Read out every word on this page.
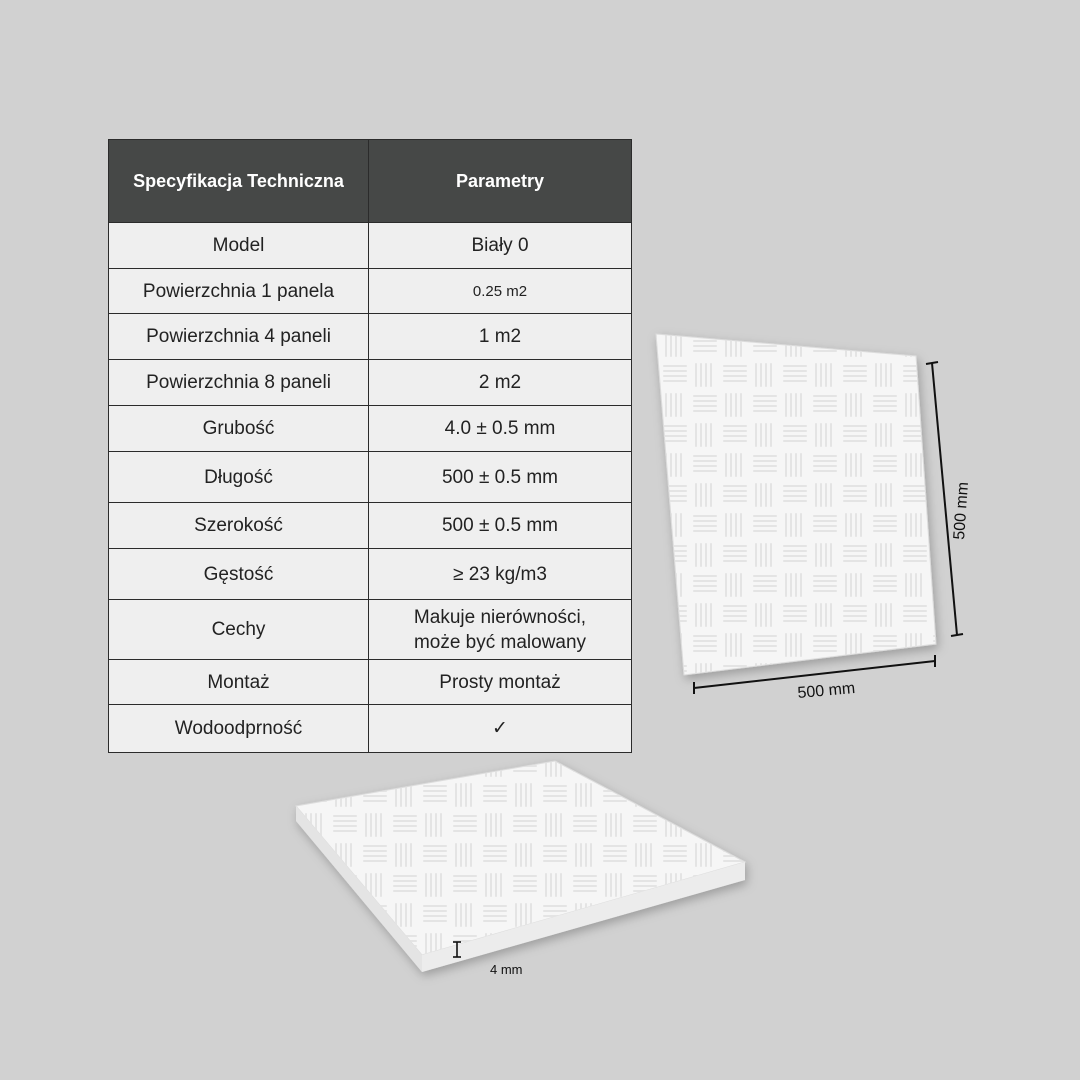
Specyfikacja Techniczna	Parametry
Model	Biały 0
Powierzchnia 1 panela	0.25 m2
Powierzchnia 4 paneli	1 m2
Powierzchnia 8 paneli	2 m2
Grubość	4.0 ± 0.5 mm
Długość	500 ± 0.5 mm
Szerokość	500 ± 0.5 mm
Gęstość	≥ 23 kg/m3
Cechy	Makuje nierówności,
może być malowany

Montaż	Prosty montaż
Wodoodprność	✓
500 mm
500 mm
4 mm
